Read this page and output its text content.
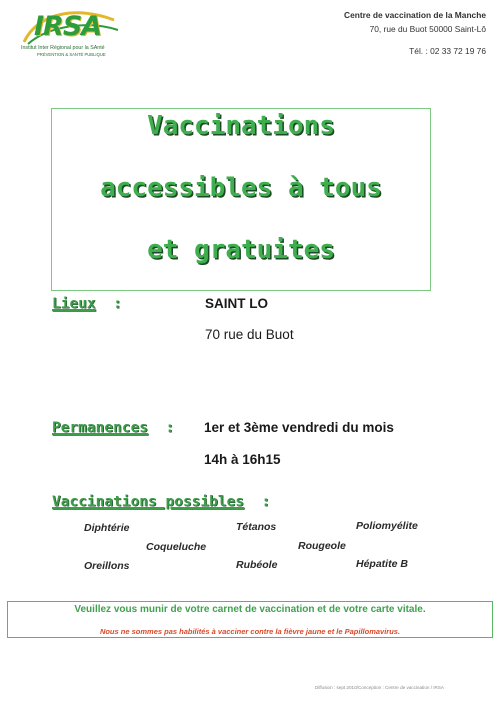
IRSA
Institut Inter Régional pour la SAnté
PRÉVENTION & SANTÉ PUBLIQUE
Centre de vaccination de la Manche
70, rue du Buot 50000 Saint-Lô
Tél. : 02 33 72 19 76
Vaccinations
accessibles à tous
et gratuites
Lieux :	SAINT LO
70 rue du Buot
Permanences : 1er et 3ème vendredi du mois
14h à 16h15
Vaccinations possibles :
Diphtérie	Tétanos	Poliomyélite
Coqueluche	Rougeole
Oreillons	Rubéole	Hépatite B
Veuillez vous munir de votre carnet de vaccination et de votre carte vitale.
Nous ne sommes pas habilités à vacciner contre la fièvre jaune et le Papillomavirus.
Diffusion : sept 2010/Conception : Centre de vaccination / IRSA
